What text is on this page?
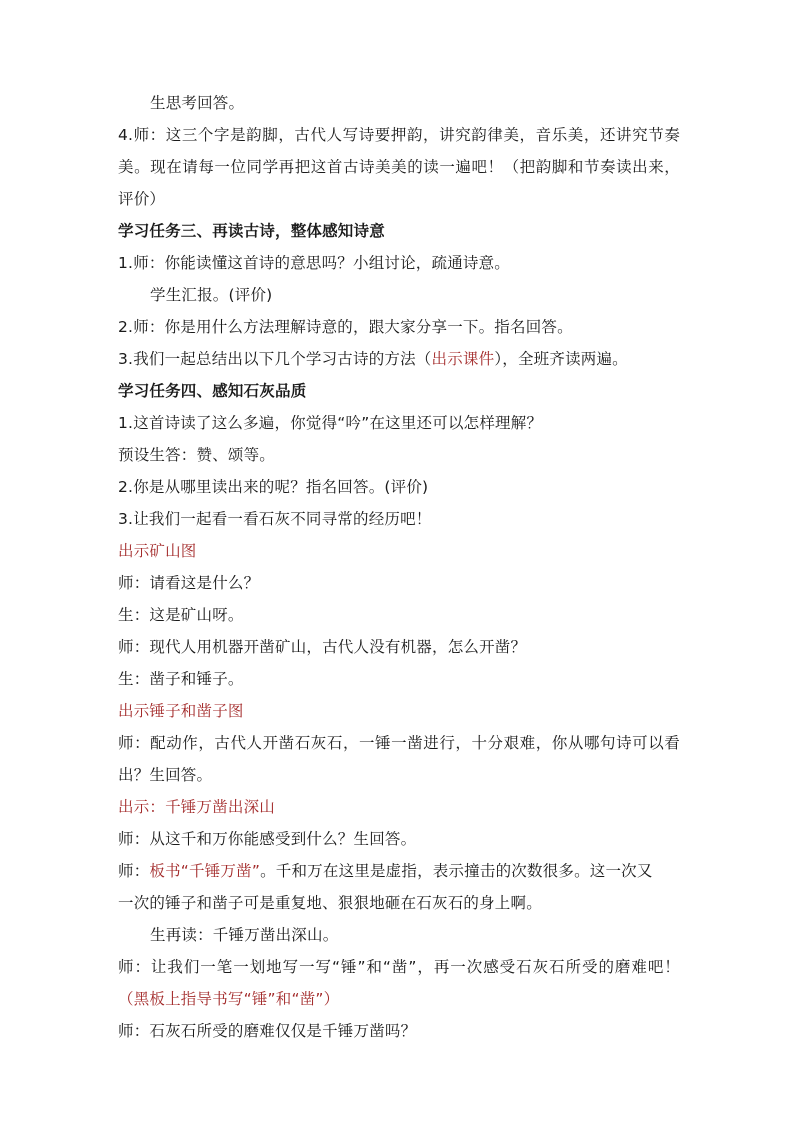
生思考回答。
4.师：这三个字是韵脚，古代人写诗要押韵，讲究韵律美，音乐美，还讲究节奏
美。现在请每一位同学再把这首古诗美美的读一遍吧！（把韵脚和节奏读出来，
评价）
学习任务三、再读古诗，整体感知诗意
1.师：你能读懂这首诗的意思吗？小组讨论，疏通诗意。
学生汇报。(评价)
2.师：你是用什么方法理解诗意的，跟大家分享一下。指名回答。
3.我们一起总结出以下几个学习古诗的方法（出示课件），全班齐读两遍。
学习任务四、感知石灰品质
1.这首诗读了这么多遍，你觉得“吟”在这里还可以怎样理解？
预设生答：赞、颂等。
2.你是从哪里读出来的呢？指名回答。(评价)
3.让我们一起看一看石灰不同寻常的经历吧！
出示矿山图
师：请看这是什么？
生：这是矿山呀。
师：现代人用机器开凿矿山，古代人没有机器，怎么开凿？
生：凿子和锤子。
出示锤子和凿子图
师：配动作，古代人开凿石灰石，一锤一凿进行，十分艰难，你从哪句诗可以看
出？生回答。
出示：千锤万凿出深山
师：从这千和万你能感受到什么？生回答。
师：板书“千锤万凿”。千和万在这里是虚指，表示撞击的次数很多。这一次又
一次的锤子和凿子可是重复地、狠狠地砸在石灰石的身上啊。
生再读：千锤万凿出深山。
师：让我们一笔一划地写一写“锤”和“凿”，再一次感受石灰石所受的磨难吧！
（黑板上指导书写“锤”和“凿”）
师：石灰石所受的磨难仅仅是千锤万凿吗？
